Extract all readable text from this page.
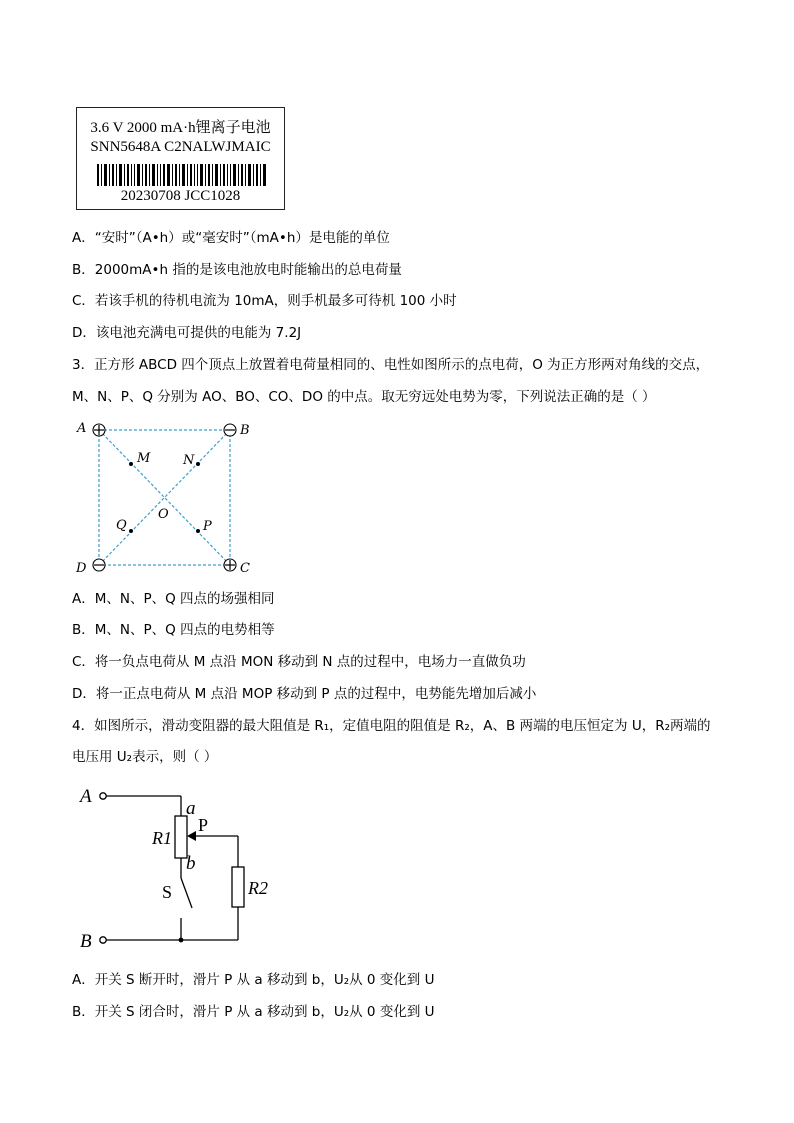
3.6 V 2000 mA·h锂离子电池
SNN5648A C2NALWJMAIC
20230708 JCC1028
A．“安时”（A•h）或“毫安时”（mA•h）是电能的单位
B．2000mA•h 指的是该电池放电时能输出的总电荷量
C．若该手机的待机电流为 10mA，则手机最多可待机 100 小时
D．该电池充满电可提供的电能为 7.2J
3．正方形 ABCD 四个顶点上放置着电荷量相同的、电性如图所示的点电荷，O 为正方形两对角线的交点，
M、N、P、Q 分别为 AO、BO、CO、DO 的中点。取无穷远处电势为零，下列说法正确的是（ ）
A	B
C
D
M	N
P
Q
O
A．M、N、P、Q 四点的场强相同
B．M、N、P、Q 四点的电势相等
C．将一负点电荷从 M 点沿 MON 移动到 N 点的过程中，电场力一直做负功
D．将一正点电荷从 M 点沿 MOP 移动到 P 点的过程中，电势能先增加后减小
4．如图所示，滑动变阻器的最大阻值是 R₁，定值电阻的阻值是 R₂，A、B 两端的电压恒定为 U，R₂两端的
电压用 U₂表示，则（ ）
A
B
a
b
P
R1
R2
S
A．开关 S 断开时，滑片 P 从 a 移动到 b，U₂从 0 变化到 U
B．开关 S 闭合时，滑片 P 从 a 移动到 b，U₂从 0 变化到 U
